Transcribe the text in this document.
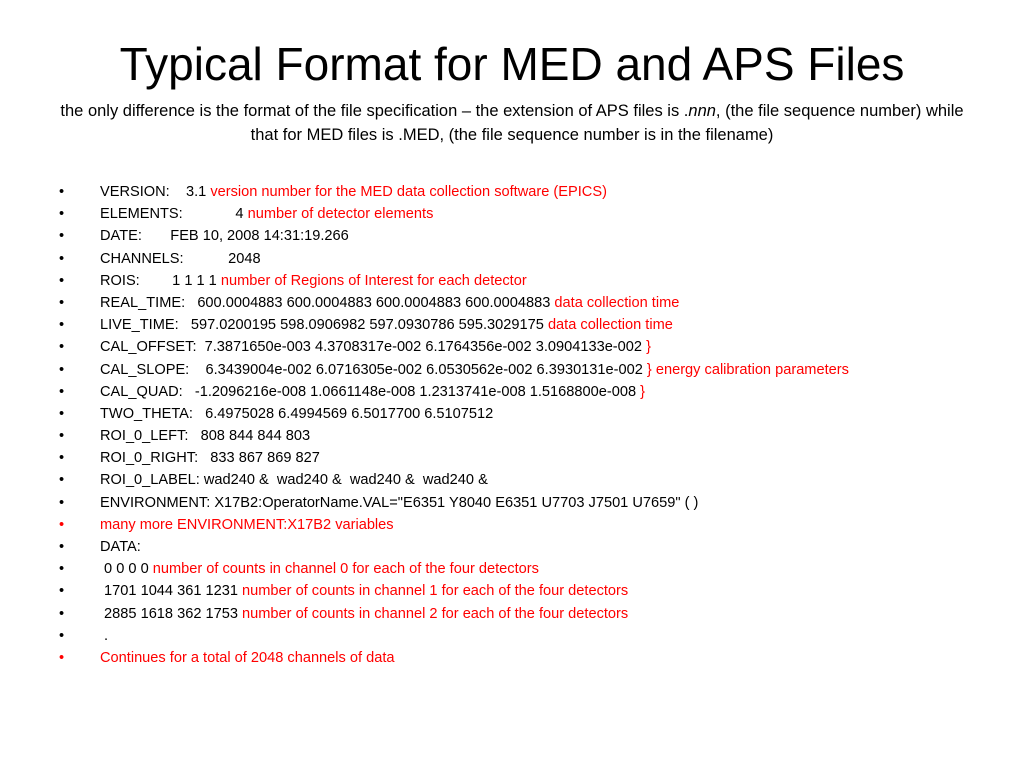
Typical Format for MED and APS Files
the only difference is the format of the file specification – the extension of APS files is .nnn, (the file sequence number) while that for MED files is .MED, (the file sequence number is in the filename)
•	VERSION:    3.1 version number for the MED data collection software (EPICS)
•	ELEMENTS:             4 number of detector elements
•	DATE:       FEB 10, 2008 14:31:19.266
•	CHANNELS:           2048
•	ROIS:        1 1 1 1 number of Regions of Interest for each detector
•	REAL_TIME:   600.0004883 600.0004883 600.0004883 600.0004883 data collection time
•	LIVE_TIME:   597.0200195 598.0906982 597.0930786 595.3029175 data collection time
•	CAL_OFFSET:  7.3871650e-003 4.3708317e-002 6.1764356e-002 3.0904133e-002 }
•	CAL_SLOPE:    6.3439004e-002 6.0716305e-002 6.0530562e-002 6.3930131e-002 } energy calibration parameters
•	CAL_QUAD:   -1.2096216e-008 1.0661148e-008 1.2313741e-008 1.5168800e-008 }
•	TWO_THETA:   6.4975028 6.4994569 6.5017700 6.5107512
•	ROI_0_LEFT:   808 844 844 803
•	ROI_0_RIGHT:   833 867 869 827
•	ROI_0_LABEL: wad240 &  wad240 &  wad240 &  wad240 &
•	ENVIRONMENT: X17B2:OperatorName.VAL="E6351 Y8040 E6351 U7703 J7501 U7659" ( )
•	many more ENVIRONMENT:X17B2 variables
•	DATA:
•	0 0 0 0 number of counts in channel 0 for each of the four detectors
•	1701 1044 361 1231 number of counts in channel 1 for each of the four detectors
•	2885 1618 362 1753 number of counts in channel 2 for each of the four detectors
•	.
•	Continues for a total of 2048 channels of data
